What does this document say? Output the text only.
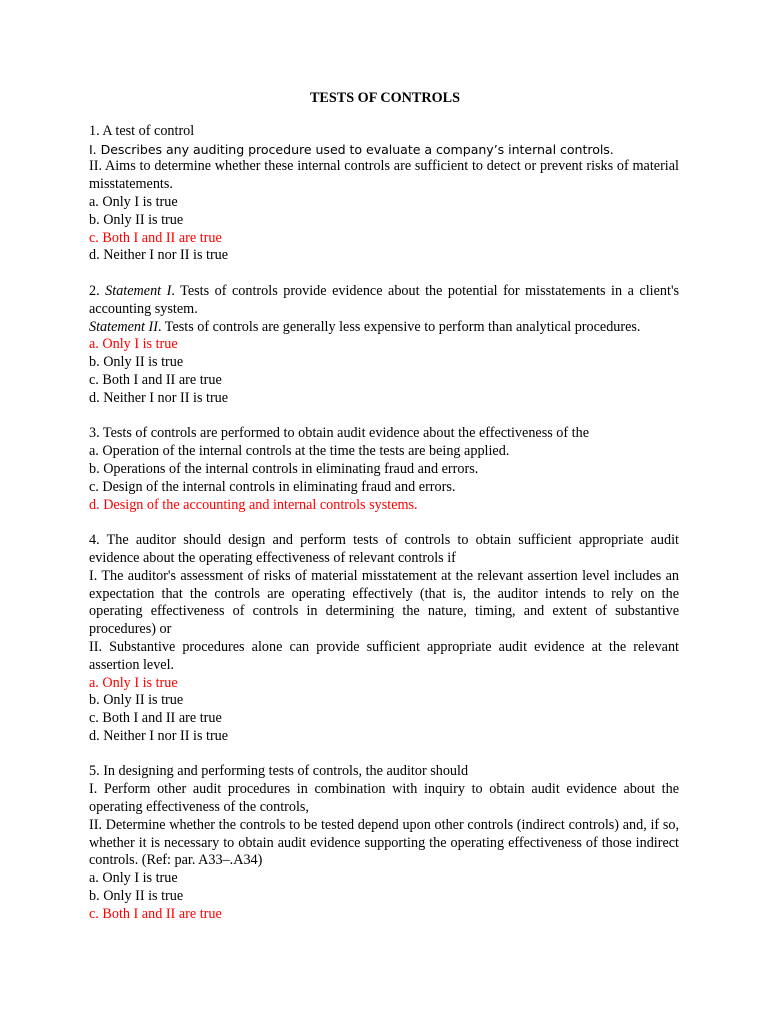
TESTS OF CONTROLS
1. A test of control
I. Describes any auditing procedure used to evaluate a company’s internal controls.
II. Aims to determine whether these internal controls are sufficient to detect or prevent risks of material misstatements.
a. Only I is true
b. Only II is true
c. Both I and II are true
d. Neither I nor II is true
2. Statement I. Tests of controls provide evidence about the potential for misstatements in a client's accounting system.
Statement II. Tests of controls are generally less expensive to perform than analytical procedures.
a. Only I is true
b. Only II is true
c. Both I and II are true
d. Neither I nor II is true
3. Tests of controls are performed to obtain audit evidence about the effectiveness of the
a. Operation of the internal controls at the time the tests are being applied.
b. Operations of the internal controls in eliminating fraud and errors.
c. Design of the internal controls in eliminating fraud and errors.
d. Design of the accounting and internal controls systems.
4. The auditor should design and perform tests of controls to obtain sufficient appropriate audit evidence about the operating effectiveness of relevant controls if
I. The auditor's assessment of risks of material misstatement at the relevant assertion level includes an expectation that the controls are operating effectively (that is, the auditor intends to rely on the operating effectiveness of controls in determining the nature, timing, and extent of substantive procedures) or
II. Substantive procedures alone can provide sufficient appropriate audit evidence at the relevant assertion level.
a. Only I is true
b. Only II is true
c. Both I and II are true
d. Neither I nor II is true
5. In designing and performing tests of controls, the auditor should
I. Perform other audit procedures in combination with inquiry to obtain audit evidence about the operating effectiveness of the controls,
II. Determine whether the controls to be tested depend upon other controls (indirect controls) and, if so, whether it is necessary to obtain audit evidence supporting the operating effectiveness of those indirect controls. (Ref: par. A33–.A34)
a. Only I is true
b. Only II is true
c. Both I and II are true
